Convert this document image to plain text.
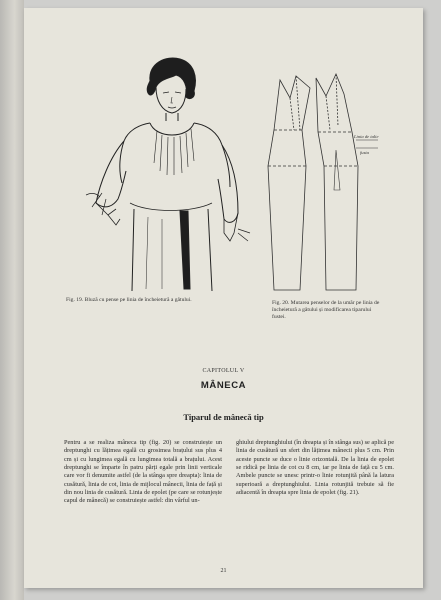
Linia de talie
fusta

Fig. 19. Bluză cu pense pe linia de încheietură a gâtului.	Fig. 20. Mutarea penselor de la umăr pe linia de încheietură a gâtului și modificarea tiparului fustei.

CAPITOLUL V

MÂNECA
Tiparul de mânecă tip

Pentru a se realiza mâneca tip (fig. 20) se construiește un dreptunghi cu lățimea egală cu grosimea brațului sus plus 4 cm și cu lungimea egală cu lungimea totală a brațului. Acest dreptunghi se împarte în patru părți egale prin linii verticale care vor fi denumite astfel (de la stânga spre dreapta): linia de cusătură, linia de cot, linia de mijlocul mânecii, linia de față și din nou linia de cusătură. Linia de epolet (pe care se rotunjește capul de mânecă) se construiește astfel: din vârful un-

ghiului dreptunghiului (în dreapta și în stânga sus) se aplică pe linia de cusătură un sfert din lățimea mânecii plus 5 cm. Prin aceste puncte se duce o linie orizontală. De la linia de epolet se ridică pe linia de cot cu 8 cm, iar pe linia de față cu 5 cm. Ambele puncte se unesc printr-o linie rotunjită până la latura superioară a dreptunghiului. Linia rotunjită trebuie să fie adiacentă în dreapta spre linia de epolet (fig. 21).

21
